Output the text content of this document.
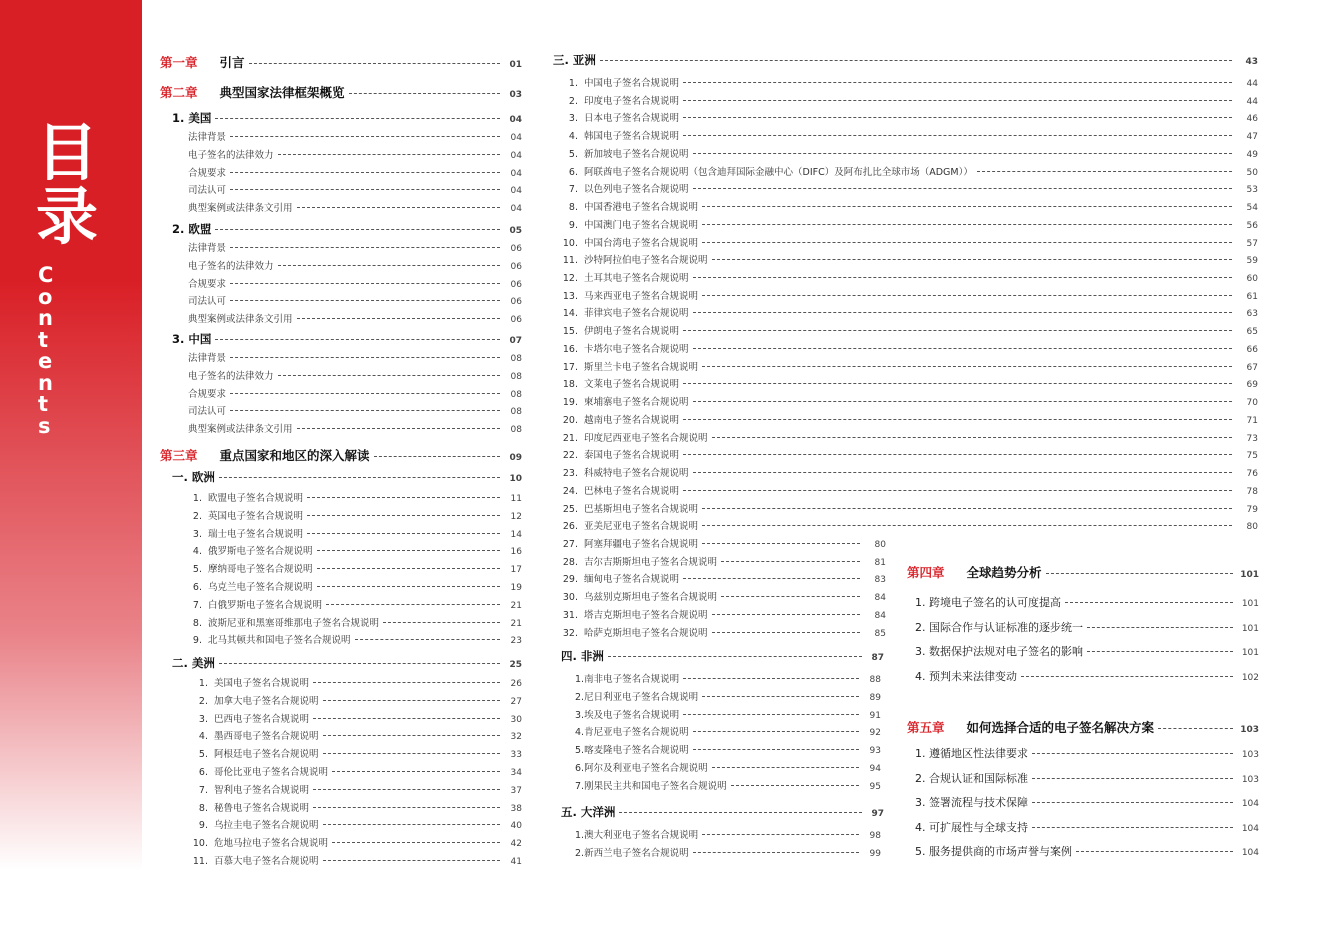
目
录
C
o
n
t
e
n
t
s
第一章 引言	01
第二章 典型国家法律框架概览	03
1. 美国	04
法律背景	04
电子签名的法律效力	04
合规要求	04
司法认可	04
典型案例或法律条文引用	04
2. 欧盟	05
法律背景	06
电子签名的法律效力	06
合规要求	06
司法认可	06
典型案例或法律条文引用	06
3. 中国	07
法律背景	08
电子签名的法律效力	08
合规要求	08
司法认可	08
典型案例或法律条文引用	08
第三章 重点国家和地区的深入解读	09
一. 欧洲	10
1. 欧盟电子签名合规说明	11
2. 英国电子签名合规说明	12
3. 瑞士电子签名合规说明	14
4. 俄罗斯电子签名合规说明	16
5. 摩纳哥电子签名合规说明	17
6. 乌克兰电子签名合规说明	19
7. 白俄罗斯电子签名合规说明	21
8. 波斯尼亚和黑塞哥维那电子签名合规说明	21
9. 北马其顿共和国电子签名合规说明	23
二. 美洲	25
1. 美国电子签名合规说明	26
2. 加拿大电子签名合规说明	27
3. 巴西电子签名合规说明	30
4. 墨西哥电子签名合规说明	32
5. 阿根廷电子签名合规说明	33
6. 哥伦比亚电子签名合规说明	34
7. 智利电子签名合规说明	37
8. 秘鲁电子签名合规说明	38
9. 乌拉圭电子签名合规说明	40
10. 危地马拉电子签名合规说明	42
11. 百慕大电子签名合规说明	41
三. 亚洲	43
1. 中国电子签名合规说明	44
2. 印度电子签名合规说明	44
3. 日本电子签名合规说明	46
4. 韩国电子签名合规说明	47
5. 新加坡电子签名合规说明	49
6. 阿联酋电子签名合规说明（包含迪拜国际金融中心（DIFC）及阿布扎比全球市场（ADGM））	50
7. 以色列电子签名合规说明	53
8. 中国香港电子签名合规说明	54
9. 中国澳门电子签名合规说明	56
10. 中国台湾电子签名合规说明	57
11. 沙特阿拉伯电子签名合规说明	59
12. 土耳其电子签名合规说明	60
13. 马来西亚电子签名合规说明	61
14. 菲律宾电子签名合规说明	63
15. 伊朗电子签名合规说明	65
16. 卡塔尔电子签名合规说明	66
17. 斯里兰卡电子签名合规说明	67
18. 文莱电子签名合规说明	69
19. 柬埔寨电子签名合规说明	70
20. 越南电子签名合规说明	71
21. 印度尼西亚电子签名合规说明	73
22. 泰国电子签名合规说明	75
23. 科威特电子签名合规说明	76
24. 巴林电子签名合规说明	78
25. 巴基斯坦电子签名合规说明	79
26. 亚美尼亚电子签名合规说明	80
27. 阿塞拜疆电子签名合规说明	80
28. 吉尔吉斯斯坦电子签名合规说明	81
29. 缅甸电子签名合规说明	83
30. 乌兹别克斯坦电子签名合规说明	84
31. 塔吉克斯坦电子签名合规说明	84
32. 哈萨克斯坦电子签名合规说明	85
四. 非洲	87
1.南非电子签名合规说明	88
2.尼日利亚电子签名合规说明	89
3.埃及电子签名合规说明	91
4.肯尼亚电子签名合规说明	92
5.喀麦隆电子签名合规说明	93
6.阿尔及利亚电子签名合规说明	94
7.刚果民主共和国电子签名合规说明	95
五. 大洋洲	97
1.澳大利亚电子签名合规说明	98
2.新西兰电子签名合规说明	99
第四章 全球趋势分析	101
1. 跨境电子签名的认可度提高	101
2. 国际合作与认证标准的逐步统一	101
3. 数据保护法规对电子签名的影响	101
4. 预判未来法律变动	102
第五章 如何选择合适的电子签名解决方案	103
1. 遵循地区性法律要求	103
2. 合规认证和国际标准	103
3. 签署流程与技术保障	104
4. 可扩展性与全球支持	104
5. 服务提供商的市场声誉与案例	104
